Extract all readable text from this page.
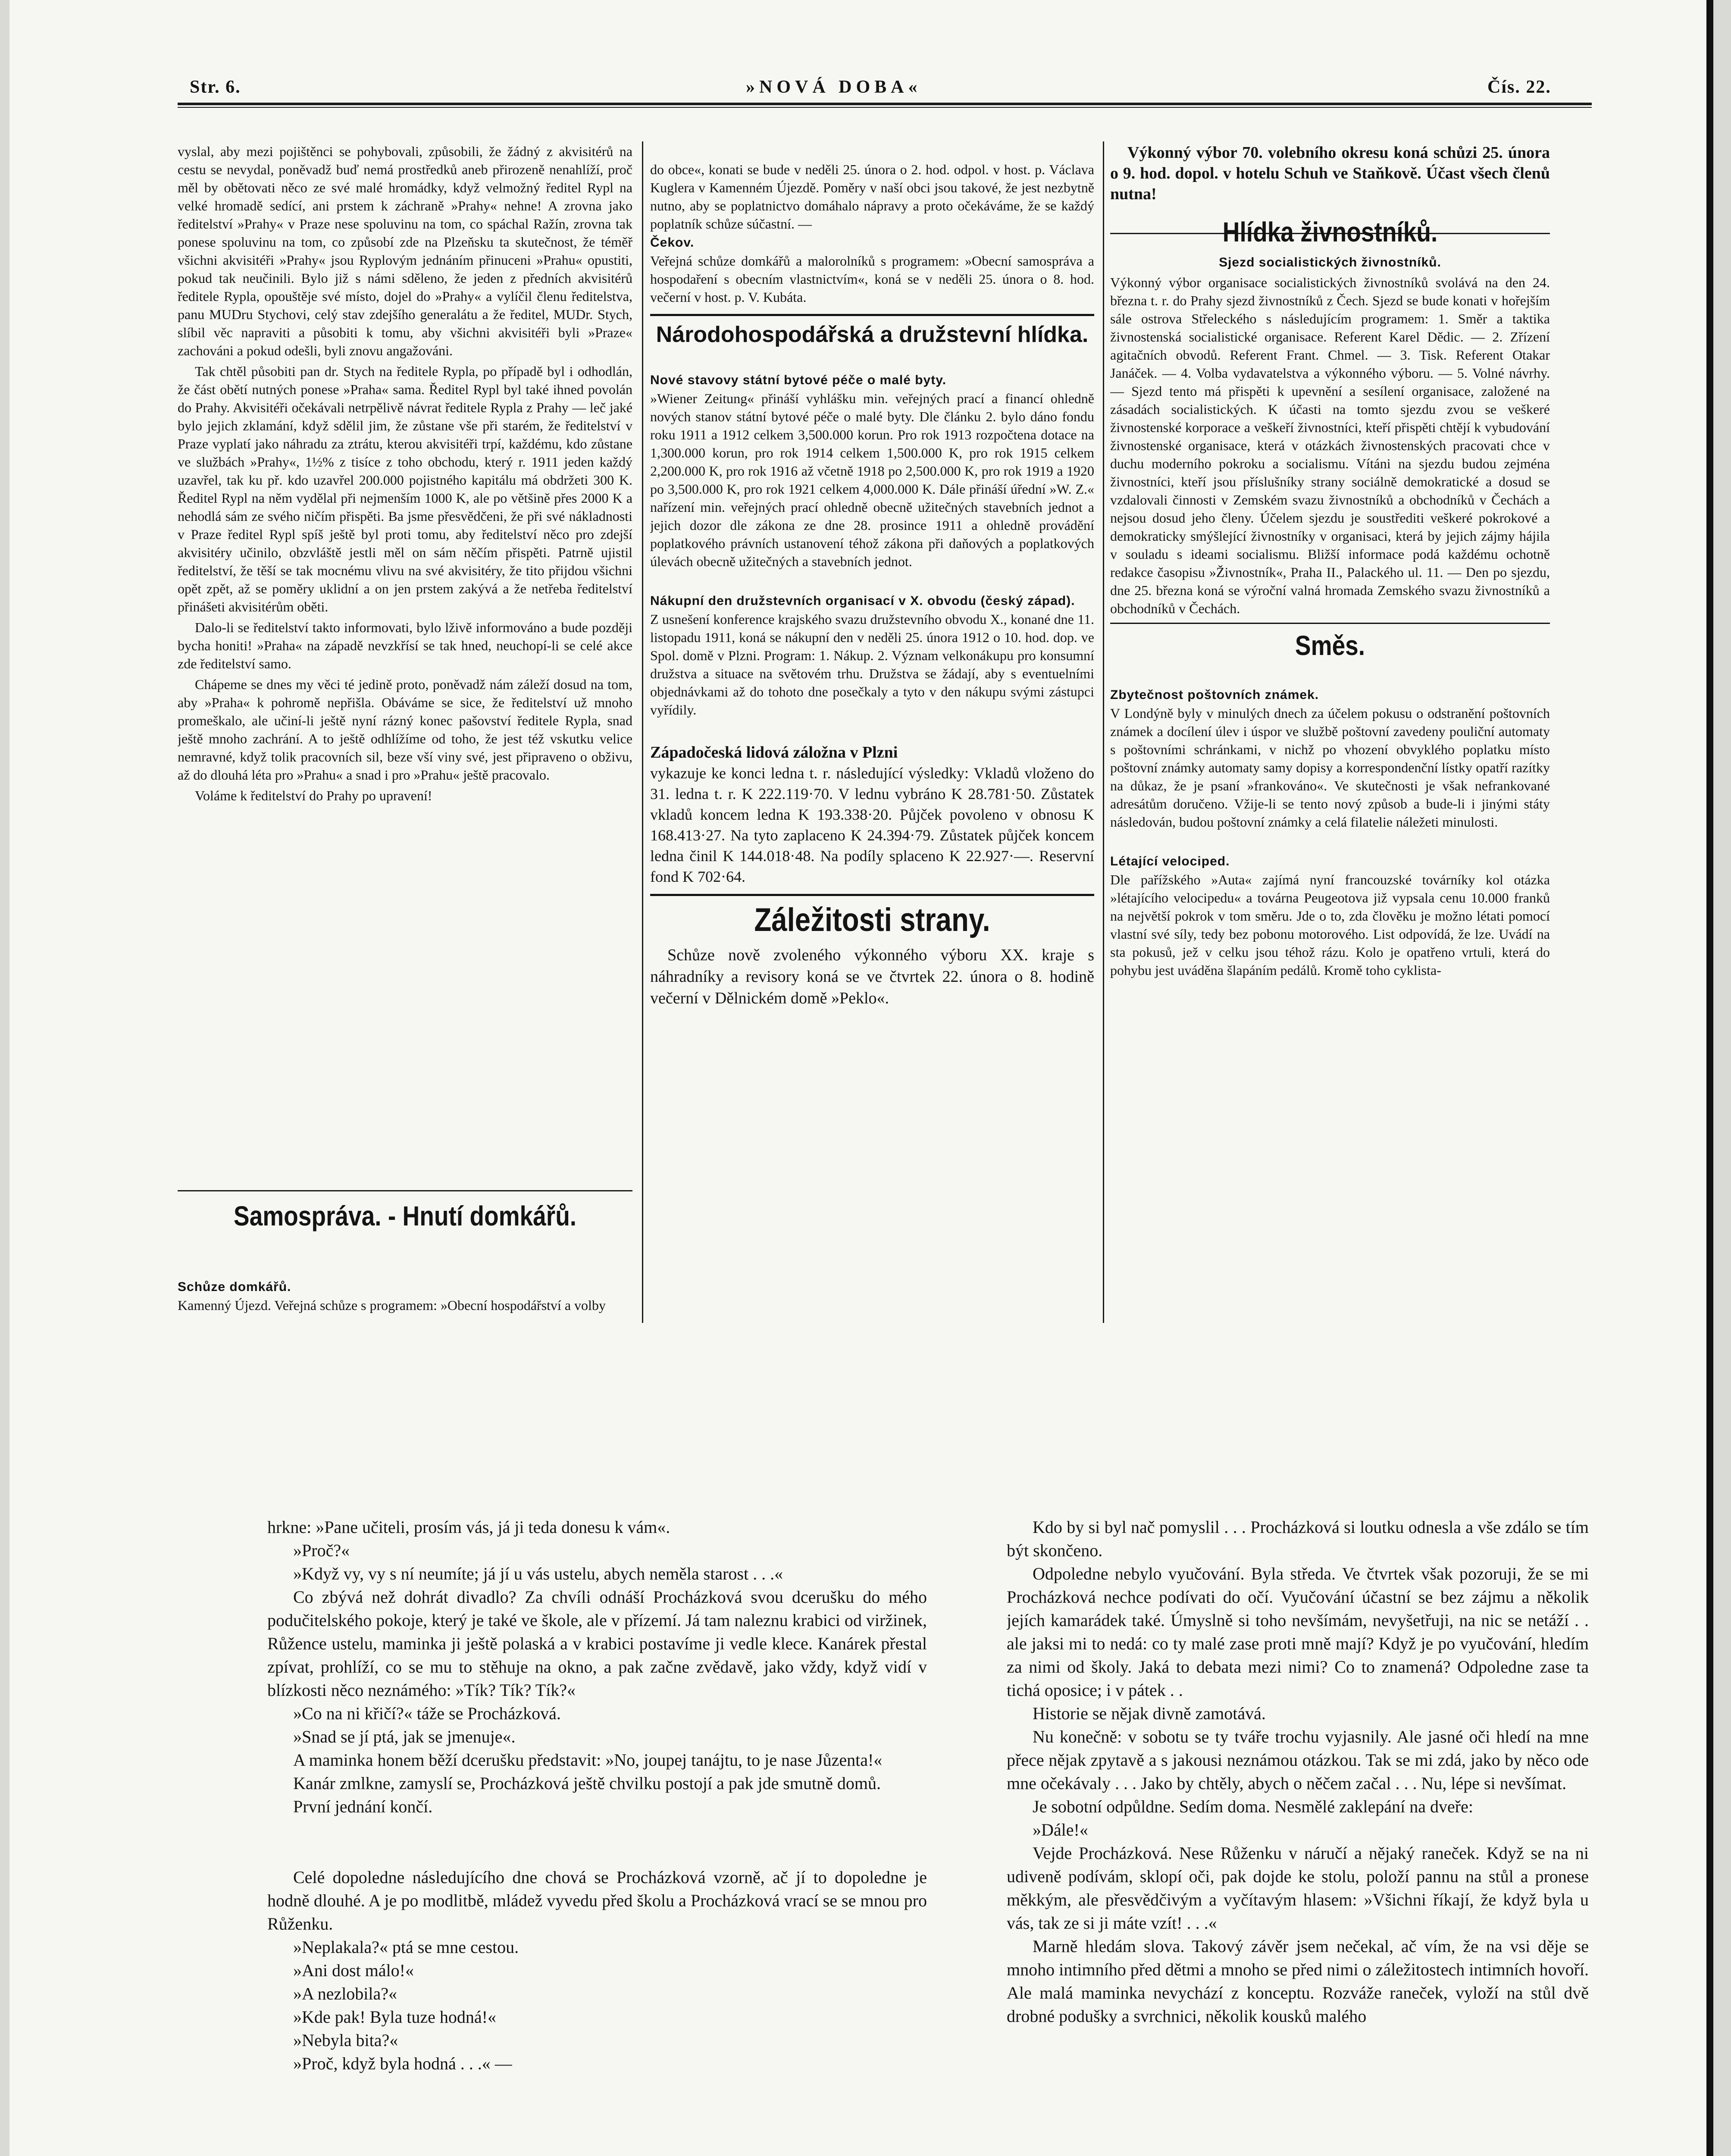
Str. 6.	»NOVÁ DOBA«	Čís. 22.

vyslal, aby mezi pojištěnci se pohybovali, způsobili, že žádný z akvisitérů na cestu se nevydal, poněvadž buď nemá prostředků aneb přirozeně nenahlíží, proč měl by obětovati něco ze své malé hromádky, když velmožný ředitel Rypl na velké hromadě sedící, ani prstem k záchraně »Prahy« nehne! A zrovna jako ředitelství »Prahy« v Praze nese spoluvinu na tom, co spáchal Ražín, zrovna tak ponese spoluvinu na tom, co způsobí zde na Plzeňsku ta skutečnost, že téměř všichni akvisitéři »Prahy« jsou Ryplovým jednáním přinuceni »Prahu« opustiti, pokud tak neučinili. Bylo již s námi sděleno, že jeden z předních akvisitérů ředitele Rypla, opouštěje své místo, dojel do »Prahy« a vylíčil členu ředitelstva, panu MUDru Stychovi, celý stav zdejšího generalátu a že ředitel, MUDr. Stych, slíbil věc napraviti a působiti k tomu, aby všichni akvisitéři byli »Praze« zachováni a pokud odešli, byli znovu angažováni.

Tak chtěl působiti pan dr. Stych na ředitele Rypla, po případě byl i odhodlán, že část obětí nutných ponese »Praha« sama. Ředitel Rypl byl také ihned povolán do Prahy. Akvisitéři očekávali netrpělivě návrat ředitele Rypla z Prahy — leč jaké bylo jejich zklamání, když sdělil jim, že zůstane vše při starém, že ředitelství v Praze vyplatí jako náhradu za ztrátu, kterou akvisitéři trpí, každému, kdo zůstane ve službách »Prahy«, 1½% z tisíce z toho obchodu, který r. 1911 jeden každý uzavřel, tak ku př. kdo uzavřel 200.000 pojistného kapitálu má obdržeti 300 K. Ředitel Rypl na něm vydělal při nejmenším 1000 K, ale po většině přes 2000 K a nehodlá sám ze svého ničím přispěti. Ba jsme přesvědčeni, že při své nákladnosti v Praze ředitel Rypl spíš ještě byl proti tomu, aby ředitelství něco pro zdejší akvisitéry učinilo, obzvláště jestli měl on sám něčím přispěti. Patrně ujistil ředitelství, že těší se tak mocnému vlivu na své akvisitéry, že tito přijdou všichni opět zpět, až se poměry uklidní a on jen prstem zakývá a že netřeba ředitelství přinášeti akvisitérům oběti.

Dalo-li se ředitelství takto informovati, bylo lživě informováno a bude později bycha honiti! »Praha« na západě nevzkřísí se tak hned, neuchopí-li se celé akce zde ředitelství samo.

Chápeme se dnes my věci té jedině proto, poněvadž nám záleží dosud na tom, aby »Praha« k pohromě nepřišla. Obáváme se sice, že ředitelství už mnoho promeškalo, ale učiní-li ještě nyní rázný konec pašovství ředitele Rypla, snad ještě mnoho zachrání. A to ještě odhlížíme od toho, že jest též vskutku velice nemravné, když tolik pracovních sil, beze vší viny své, jest připraveno o obživu, až do dlouhá léta pro »Prahu« a snad i pro »Prahu« ještě pracovalo.

Voláme k ředitelství do Prahy po upravení!

Samospráva. - Hnutí domkářů.

Schůze domkářů.
Kamenný Újezd. Veřejná schůze s programem: »Obecní hospodářství a volby

do obce«, konati se bude v neděli 25. února o 2. hod. odpol. v host. p. Václava Kuglera v Kamenném Újezdě. Poměry v naší obci jsou takové, že jest nezbytně nutno, aby se poplatnictvo domáhalo nápravy a proto očekáváme, že se každý poplatník schůze súčastní. —
Čekov.
Veřejná schůze domkářů a malorolníků s programem: »Obecní samospráva a hospodaření s obecním vlastnictvím«, koná se v neděli 25. února o 8. hod. večerní v host. p. V. Kubáta.

Národohospodářská a družstevní hlídka.

Nové stavovy státní bytové péče o malé byty.
»Wiener Zeitung« přináší vyhlášku min. veřejných prací a financí ohledně nových stanov státní bytové péče o malé byty. Dle článku 2. bylo dáno fondu roku 1911 a 1912 celkem 3,500.000 korun. Pro rok 1913 rozpočtena dotace na 1,300.000 korun, pro rok 1914 celkem 1,500.000 K, pro rok 1915 celkem 2,200.000 K, pro rok 1916 až včetně 1918 po 2,500.000 K, pro rok 1919 a 1920 po 3,500.000 K, pro rok 1921 celkem 4,000.000 K. Dále přináší úřední »W. Z.« nařízení min. veřejných prací ohledně obecně užitečných stavebních jednot a jejich dozor dle zákona ze dne 28. prosince 1911 a ohledně provádění poplatkového právních ustanovení téhož zákona při daňových a poplatkových úlevách obecně užitečných a stavebních jednot.

Nákupní den družstevních organisací v X. obvodu (český západ).
Z usnešení konference krajského svazu družstevního obvodu X., konané dne 11. listopadu 1911, koná se nákupní den v neděli 25. února 1912 o 10. hod. dop. ve Spol. domě v Plzni. Program: 1. Nákup. 2. Význam velkonákupu pro konsumní družstva a situace na světovém trhu. Družstva se žádají, aby s eventuelními objednávkami až do tohoto dne posečkaly a tyto v den nákupu svými zástupci vyřídily.

Západočeská lidová záložna v Plzni
vykazuje ke konci ledna t. r. následující výsledky: Vkladů vloženo do 31. ledna t. r. K 222.119·70. V lednu vybráno K 28.781·50. Zůstatek vkladů koncem ledna K 193.338·20. Půjček povoleno v obnosu K 168.413·27. Na tyto zaplaceno K 24.394·79. Zůstatek půjček koncem ledna činil K 144.018·48. Na podíly splaceno K 22.927·—. Reservní fond K 702·64.

Záležitosti strany.

Schůze nově zvoleného výkonného výboru XX. kraje s náhradníky a revisory koná se ve čtvrtek 22. února o 8. hodině večerní v Dělnickém domě »Peklo«.

Výkonný výbor 70. volebního okresu koná schůzi 25. února o 9. hod. dopol. v hotelu Schuh ve Staňkově. Účast všech členů nutna!

Hlídka živnostníků.
Sjezd socialistických živnostníků.

Výkonný výbor organisace socialistických živnostníků svolává na den 24. března t. r. do Prahy sjezd živnostníků z Čech. Sjezd se bude konati v hořejším sále ostrova Střeleckého s následujícím programem: 1. Směr a taktika živnostenská socialistické organisace. Referent Karel Dědic. — 2. Zřízení agitačních obvodů. Referent Frant. Chmel. — 3. Tisk. Referent Otakar Janáček. — 4. Volba vydavatelstva a výkonného výboru. — 5. Volné návrhy. — Sjezd tento má přispěti k upevnění a sesílení organisace, založené na zásadách socialistických. K účasti na tomto sjezdu zvou se veškeré živnostenské korporace a veškeří živnostníci, kteří přispěti chtějí k vybudování živnostenské organisace, která v otázkách živnostenských pracovati chce v duchu moderního pokroku a socialismu. Vítáni na sjezdu budou zejména živnostníci, kteří jsou příslušníky strany sociálně demokratické a dosud se vzdalovali činnosti v Zemském svazu živnostníků a obchodníků v Čechách a nejsou dosud jeho členy. Účelem sjezdu je soustřediti veškeré pokrokové a demokraticky smýšlející živnostníky v organisaci, která by jejich zájmy hájila v souladu s ideami socialismu. Bližší informace podá každému ochotně redakce časopisu »Živnostník«, Praha II., Palackého ul. 11. — Den po sjezdu, dne 25. března koná se výroční valná hromada Zemského svazu živnostníků a obchodníků v Čechách.

Směs.

Zbytečnost poštovních známek.
V Londýně byly v minulých dnech za účelem pokusu o odstranění poštovních známek a docílení úlev i úspor ve službě poštovní zavedeny pouliční automaty s poštovními schránkami, v nichž po vhození obvyklého poplatku místo poštovní známky automaty samy dopisy a korrespondenční lístky opatří razítky na důkaz, že je psaní »frankováno«. Ve skutečnosti je však nefrankované adresátům doručeno. Vžije-li se tento nový způsob a bude-li i jinými státy následován, budou poštovní známky a celá filatelie náležeti minulosti.

Létající velociped.
Dle pařížského »Auta« zajímá nyní francouzské továrníky kol otázka »létajícího velocipedu« a továrna Peugeotova již vypsala cenu 10.000 franků na největší pokrok v tom směru. Jde o to, zda člověku je možno létati pomocí vlastní své síly, tedy bez pobonu motorového. List odpovídá, že lze. Uvádí na sta pokusů, jež v celku jsou téhož rázu. Kolo je opatřeno vrtuli, která do pohybu jest uváděna šlapáním pedálů. Kromě toho cyklista-

hrkne: »Pane učiteli, prosím vás, já ji teda donesu k vám«.

»Proč?«

»Když vy, vy s ní neumíte; já jí u vás ustelu, abych neměla starost . . .«

Co zbývá než dohrát divadlo? Za chvíli odnáší Procházková svou dcerušku do mého podučitelského pokoje, který je také ve škole, ale v přízemí. Já tam naleznu krabici od viržinek, Růžence ustelu, maminka ji ještě polaská a v krabici postavíme ji vedle klece. Kanárek přestal zpívat, prohlíží, co se mu to stěhuje na okno, a pak začne zvědavě, jako vždy, když vidí v blízkosti něco neznámého: »Tík? Tík? Tík?«

»Co na ni křičí?« táže se Procházková.

»Snad se jí ptá, jak se jmenuje«.

A maminka honem běží dcerušku představit: »No, joupej tanájtu, to je nase Jůzenta!«

Kanár zmlkne, zamyslí se, Procházková ještě chvilku postojí a pak jde smutně domů.

První jednání končí.

Celé dopoledne následujícího dne chová se Procházková vzorně, ač jí to dopoledne je hodně dlouhé. A je po modlitbě, mládež vyvedu před školu a Procházková vrací se se mnou pro Růženku.

»Neplakala?« ptá se mne cestou.

»Ani dost málo!«

»A nezlobila?«

»Kde pak! Byla tuze hodná!«

»Nebyla bita?«

»Proč, když byla hodná . . .« —

Kdo by si byl nač pomyslil . . . Procházková si loutku odnesla a vše zdálo se tím být skončeno.

Odpoledne nebylo vyučování. Byla středa. Ve čtvrtek však pozoruji, že se mi Procházková nechce podívati do očí. Vyučování účastní se bez zájmu a několik jejích kamarádek také. Úmyslně si toho nevšímám, nevyšetřuji, na nic se netáží . . ale jaksi mi to nedá: co ty malé zase proti mně mají? Když je po vyučování, hledím za nimi od školy. Jaká to debata mezi nimi? Co to znamená? Odpoledne zase ta tichá oposice; i v pátek . .

Historie se nějak divně zamotává.

Nu konečně: v sobotu se ty tváře trochu vyjasnily. Ale jasné oči hledí na mne přece nějak zpytavě a s jakousi neznámou otázkou. Tak se mi zdá, jako by něco ode mne očekávaly . . . Jako by chtěly, abych o něčem začal . . . Nu, lépe si nevšímat.

Je sobotní odpůldne. Sedím doma. Nesmělé zaklepání na dveře:

»Dále!«

Vejde Procházková. Nese Růženku v náručí a nějaký raneček. Když se na ni udiveně podívám, sklopí oči, pak dojde ke stolu, položí pannu na stůl a pronese měkkým, ale přesvědčivým a vyčítavým hlasem: »Všichni říkají, že když byla u vás, tak ze si ji máte vzít! . . .«

Marně hledám slova. Takový závěr jsem nečekal, ač vím, že na vsi děje se mnoho intimního před dětmi a mnoho se před nimi o záležitostech intimních hovoří. Ale malá maminka nevychází z konceptu. Rozváže raneček, vyloží na stůl dvě drobné podušky a svrchnici, několik kousků malého
